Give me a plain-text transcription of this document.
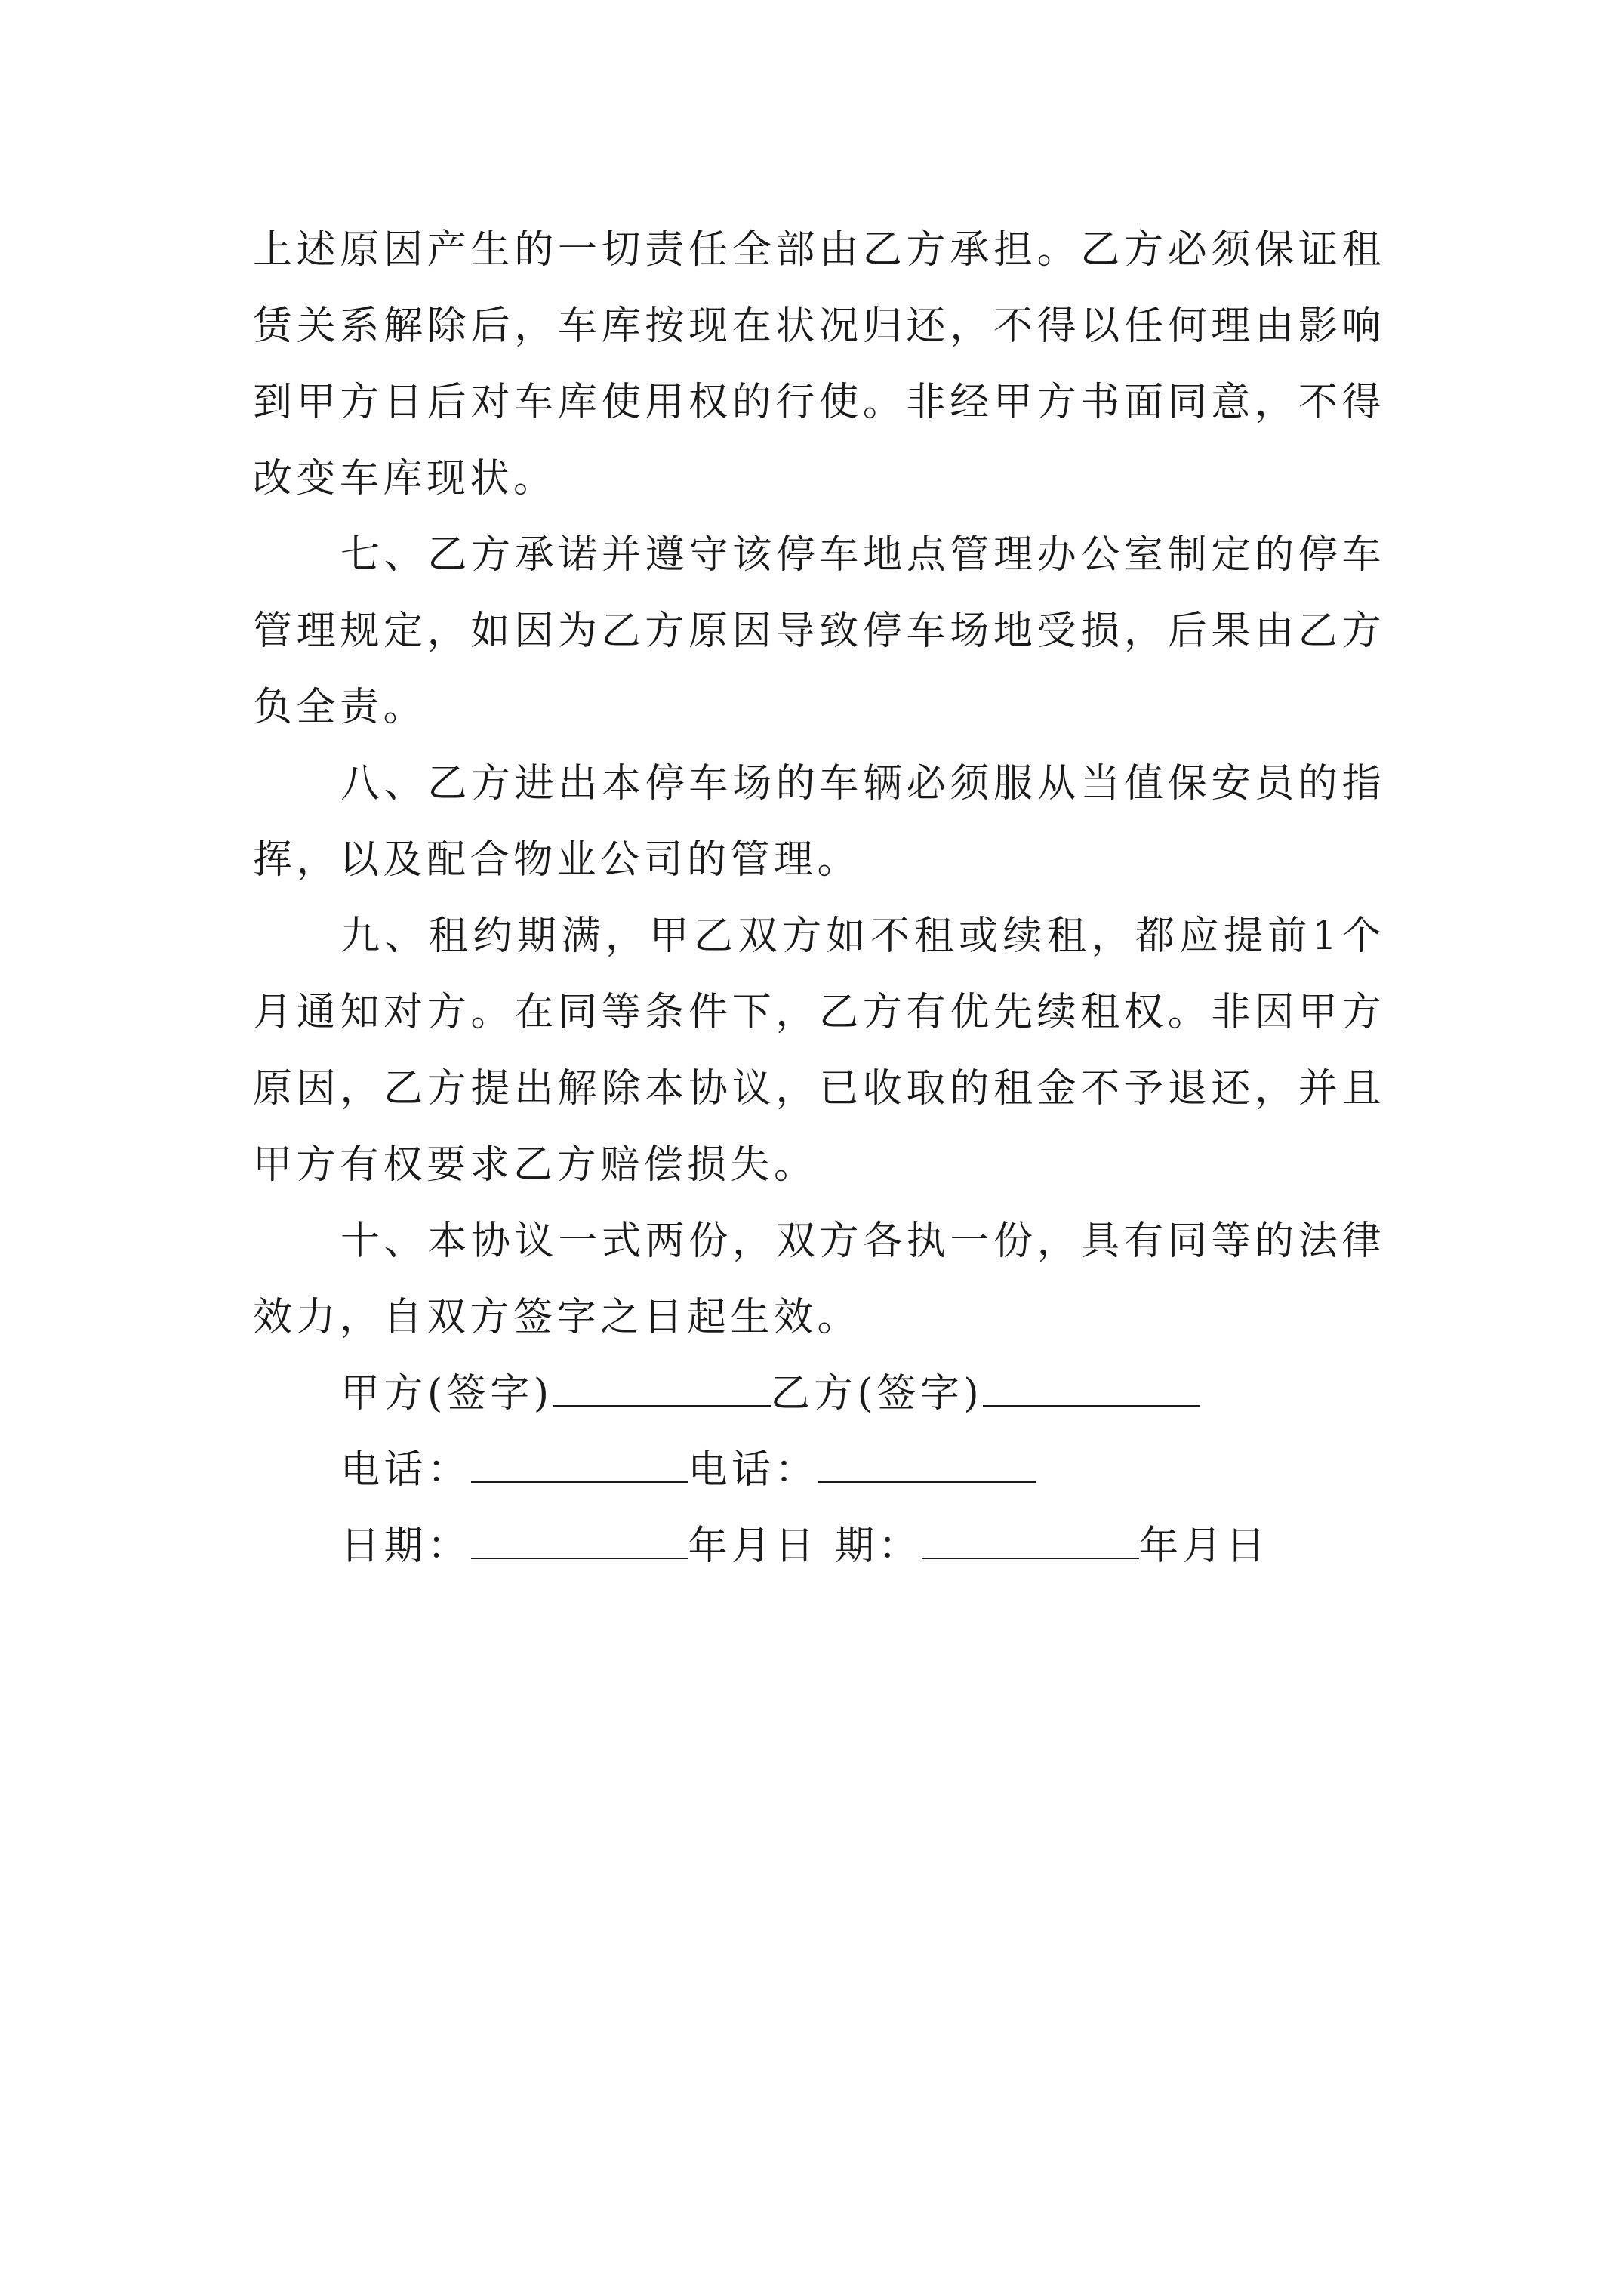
上述原因产生的一切责任全部由乙方承担。乙方必须保证租赁关系解除后，车库按现在状况归还，不得以任何理由影响到甲方日后对车库使用权的行使。非经甲方书面同意，不得改变车库现状。

七、乙方承诺并遵守该停车地点管理办公室制定的停车管理规定，如因为乙方原因导致停车场地受损，后果由乙方负全责。

八、乙方进出本停车场的车辆必须服从当值保安员的指挥，以及配合物业公司的管理。

九、租约期满，甲乙双方如不租或续租，都应提前1个月通知对方。在同等条件下，乙方有优先续租权。非因甲方原因，乙方提出解除本协议，已收取的租金不予退还，并且甲方有权要求乙方赔偿损失。

十、本协议一式两份，双方各执一份，具有同等的法律效力，自双方签字之日起生效。

甲方(签字)	乙方(签字)
电话：	电话：
日期：	年月日 期：	年月日
